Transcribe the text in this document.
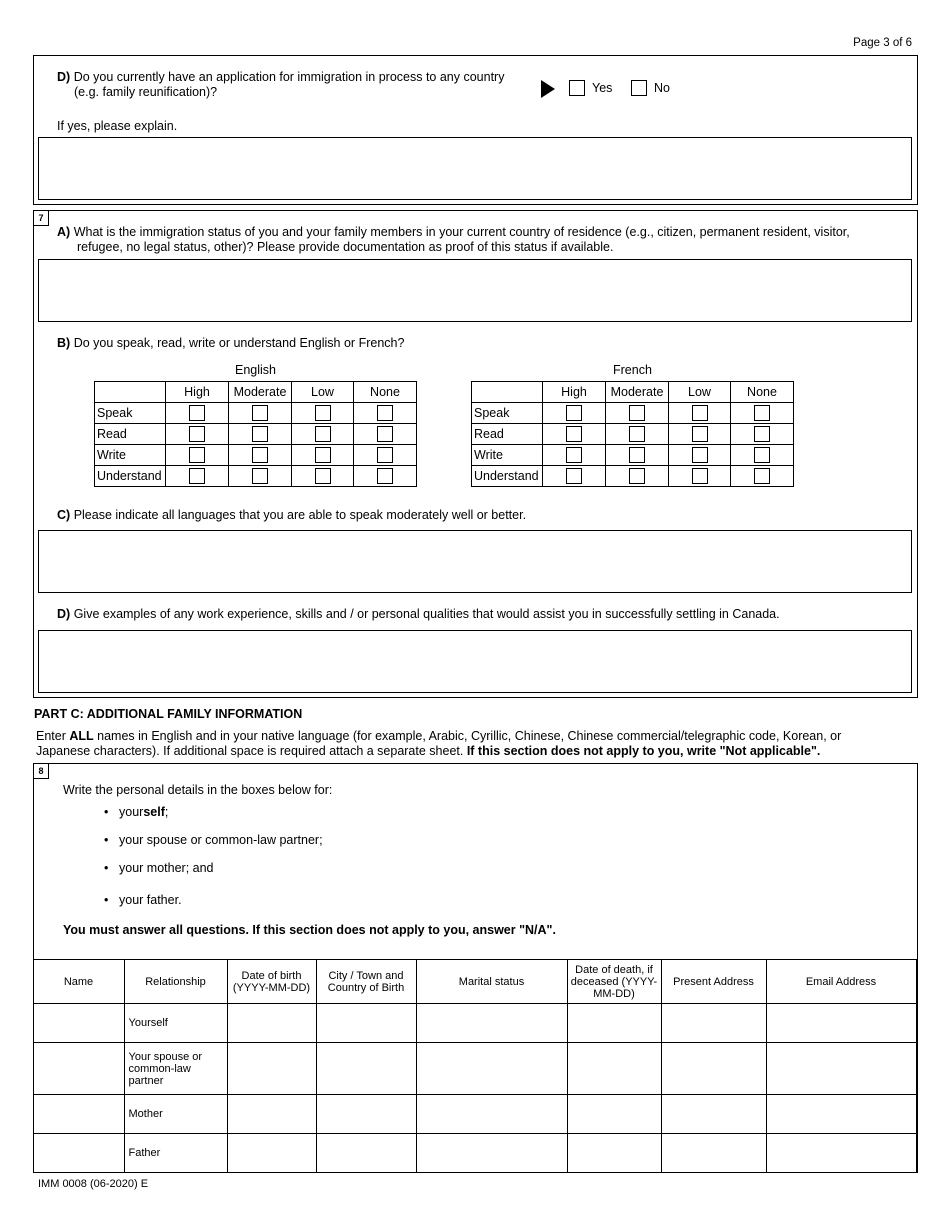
Page 3 of 6
D) Do you currently have an application for immigration in process to any country
(e.g. family reunification)?	Yes	No
If yes, please explain.
7
A) What is the immigration status of you and your family members in your current country of residence (e.g., citizen, permanent resident, visitor,
refugee, no legal status, other)? Please provide documentation as proof of this status if available.
B) Do you speak, read, write or understand English or French?
English	French
	High	Moderate	Low	None
Speak				
Read				
Write				
Understand				
	High	Moderate	Low	None
Speak				
Read				
Write				
Understand				
C) Please indicate all languages that you are able to speak moderately well or better.
D) Give examples of any work experience, skills and / or personal qualities that would assist you in successfully settling in Canada.
PART C: ADDITIONAL FAMILY INFORMATION
Enter ALL names in English and in your native language (for example, Arabic, Cyrillic, Chinese, Chinese commercial/telegraphic code, Korean, or
Japanese characters). If additional space is required attach a separate sheet. If this section does not apply to you, write "Not applicable".
8
Write the personal details in the boxes below for:
• yourself;
• your spouse or common-law partner;
• your mother; and
• your father.
You must answer all questions. If this section does not apply to you, answer "N/A".
Name	Relationship	Date of birth (YYYY-MM-DD)	City / Town and Country of Birth	Marital status	Date of death, if deceased (YYYY-MM-DD)	Present Address	Email Address
	Yourself						
	Your spouse or common-law partner						
	Mother						
	Father						
IMM 0008 (06-2020) E
